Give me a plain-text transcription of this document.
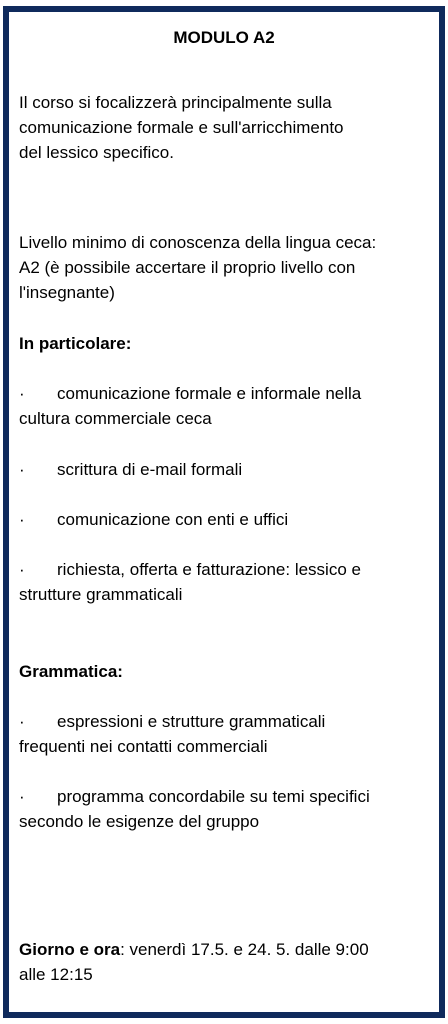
MODULO A2
Il corso si focalizzerà principalmente sulla
comunicazione formale e sull'arricchimento
del lessico specifico.
Livello minimo di conoscenza della lingua ceca:
A2 (è possibile accertare il proprio livello con
l'insegnante)
In particolare:
· comunicazione formale e informale nella
cultura commerciale ceca
· scrittura di e-mail formali
· comunicazione con enti e uffici
· richiesta, offerta e fatturazione: lessico e
strutture grammaticali
Grammatica:
· espressioni e strutture grammaticali
frequenti nei contatti commerciali
· programma concordabile su temi specifici
secondo le esigenze del gruppo
Giorno e ora: venerdì 17.5. e 24. 5. dalle 9:00
alle 12:15
